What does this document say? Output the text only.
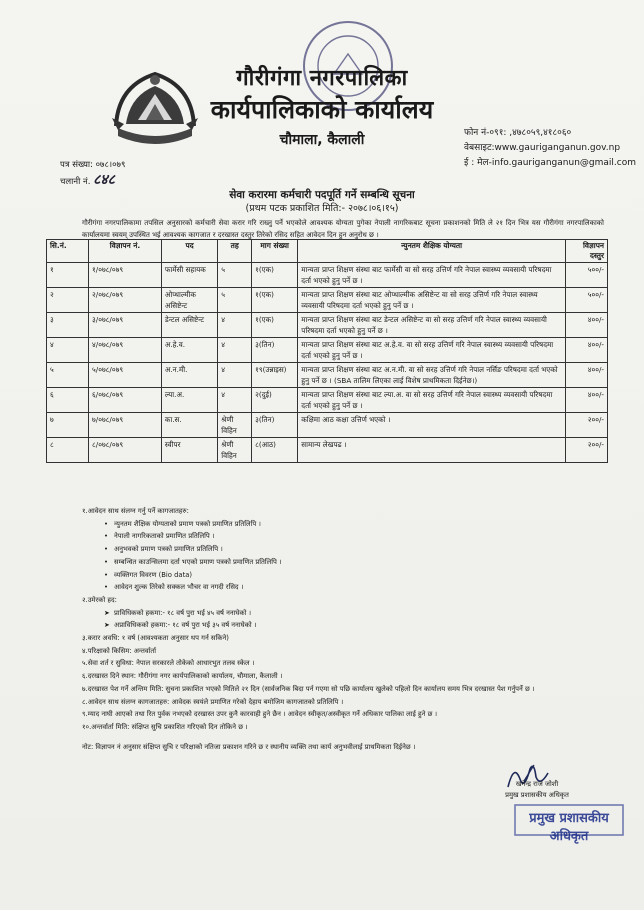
गौरीगंगा नगरपालिका
कार्यपालिकाको कार्यालय
चौमाला, कैलाली	फोन नं-०९१: ,४७८०५९,४१८०६०
वेबसाइट:www.gauriganganun.gov.np
ई : मेल-info.gauriganganun@gmail.com
पत्र संख्या: ०७८।०७९
चलानी नं. ८४८
सेवा करारमा कर्मचारी पदपूर्ति गर्ने सम्बन्धि सूचना
(प्रथम पटक प्रकाशित मिति:- २०७८।०६।१५)
गौरीगंगा नगरपालिकामा तपसिल अनुसारको कर्मचारी सेवा करार गरि राख्नु पर्ने भएकोले आवश्यक योग्यता पुगेका नेपाली नागरिकबाट सूचना प्रकाशनको मिति ले २१ दिन भित्र यस गौरीगंगा नगरपालिकाको कार्यालयमा स्वयम् उपस्थित भई आवश्यक कागजात र दरखास्त दस्तुर तिरेको रसिद सहित आवेदन दिन हुन अनुरोध छ ।
सि.नं.	विज्ञापन नं.	पद	तह	माग संख्या	न्युनतम शैक्षिक योग्यता	विज्ञापन दस्तुर
१	१/०७८/०७९	फार्मेसी सहायक	५	१(एक)	मान्यता प्राप्त शिक्षण संस्था बाट फार्मेसी वा सो सरह उत्तिर्ण गरि नेपाल स्वास्थ्य व्यवसायी परिषदमा दर्ता भएको हुनु पर्ने छ ।	५००/-
२	२/०७८/०७९	ओप्थाल्मीक असिष्टेन्ट	५	१(एक)	मान्यता प्राप्त शिक्षण संस्था बाट ओप्थाल्मीक असिष्टेन्ट वा सो सरह उत्तिर्ण गरि नेपाल स्वास्थ्य व्यवसायी परिषदमा दर्ता भएको हुनु पर्ने छ ।	५००/-
३	३/०७८/०७९	डेन्टल असिष्टेन्ट	४	१(एक)	मान्यता प्राप्त शिक्षण संस्था बाट डेन्टल असिष्टेन्ट वा सो सरह उत्तिर्ण गरि नेपाल स्वास्थ्य व्यवसायी परिषदमा दर्ता भएको हुनु पर्ने छ ।	४००/-
४	४/०७८/०७९	अ.हे.व.	४	३(तिन)	मान्यता प्राप्त शिक्षण संस्था बाट अ.हे.व. वा सो सरह उत्तिर्ण गरि नेपाल स्वास्थ्य व्यवसायी परिषदमा दर्ता भएको हुनु पर्ने छ ।	४००/-
५	५/०७८/०७९	अ.न.मी.	४	१९(उन्नाइस)	मान्यता प्राप्त शिक्षण संस्था बाट अ.न.मी. वा सो सरह उत्तिर्ण गरि नेपाल नर्सिङ परिषदमा दर्ता भएको हुनु पर्ने छ । (SBA तालिम लिएका लाई विशेष प्राथमिकता दिईनेछ।)	४००/-
६	६/०७८/०७९	ल्या.अ.	४	२(दुई)	मान्यता प्राप्त शिक्षण संस्था बाट ल्या.अ. वा सो सरह उत्तिर्ण गरि नेपाल स्वास्थ्य व्यवसायी परिषदमा दर्ता भएको हुनु पर्ने छ ।	४००/-
७	७/०७८/०७९	का.स.	श्रेणी विहिन	३(तिन)	कक्षिमा आठ कक्षा उत्तिर्ण भएको ।	२००/-
८	८/०७८/०७९	स्वीपर	श्रेणी विहिन	८(आठ)	सामान्य लेखपढ ।	२००/-
१.आवेदन साथ संलग्न गर्नु पर्ने कागजातहरु:
• न्युनतम शैक्षिक योग्यताको प्रमाण पत्रको प्रमाणित प्रतिलिपि ।
• नेपाली नागरिकताको प्रमाणित प्रतिलिपि ।
• अनुभवको प्रमाण पत्रको प्रमाणित प्रतिलिपि ।
• सम्बन्धित काउन्सिलमा दर्ता भएको प्रमाण पत्रको प्रमाणित प्रतिलिपि ।
• व्यक्तिगत विवरण (Bio data)
• आवेदन शुल्क तिरेको सक्कल भौचर वा नगदी रसिद ।
२.उमेरको हद:
➤  प्राविधिकको हकमा:- १८ वर्ष पुरा भई ४५ वर्ष ननाघेको ।
➤  अप्राविधिकको हकमा:- १८ वर्ष पुरा भई ३५ वर्ष ननाघेको ।
३.करार अवधि: १ वर्ष (आवश्यकता अनुसार थप गर्न सकिने)
४.परिक्षाको किसिम: अन्तर्वार्ता
५.सेवा शर्त र सुविधा: नेपाल सरकारले तोकेको आधारभुत तलब स्केल ।
६.दरखास्त दिने स्थान: गौरीगंगा नगर कार्यपालिकाको कार्यालय, चौमाला, कैलाली ।
७.दरखास्त पेश गर्ने अन्तिम मिति: सुचना प्रकाशित भएको मितिले २१ दिन (सार्वजनिक बिदा पर्न गएमा सो पछि कार्यालय खुलेको पहिलो दिन कार्यालय समय भित्र दरखास्त पेश गर्नुपर्ने छ ।
८.आवेदन साथ संलग्न कागजातहरु: आवेदक स्वयंले प्रमाणित गरेको देहाय बमोजिम कागजातको प्रतिलिपि ।
९.म्याद नाघी आएको तथा रित पुर्वक नभएको दरखास्त उपर कुनै कारवाही हुने छैन । आवेदन स्वीकृत/अस्वीकृत गर्ने अधिकार पालिका लाई हुने छ ।
१०.अन्तर्वार्ता मिति: संक्षिप्त सुचि प्रकाशित गरिएको दिन तोकिने छ ।
नोट: विज्ञापन नं अनुसार संक्षिप्त सुचि र परिक्षाको नतिजा प्रकाशन गरिने छ र स्थानीय व्यक्ति तथा कार्य अनुभवीलाई प्राथमिकता दिईनेछ ।
खगेन्द्र राज जोशी
प्रमुख प्रशासकीय अधिकृत
प्रमुख प्रशासकीय अधिकृत
